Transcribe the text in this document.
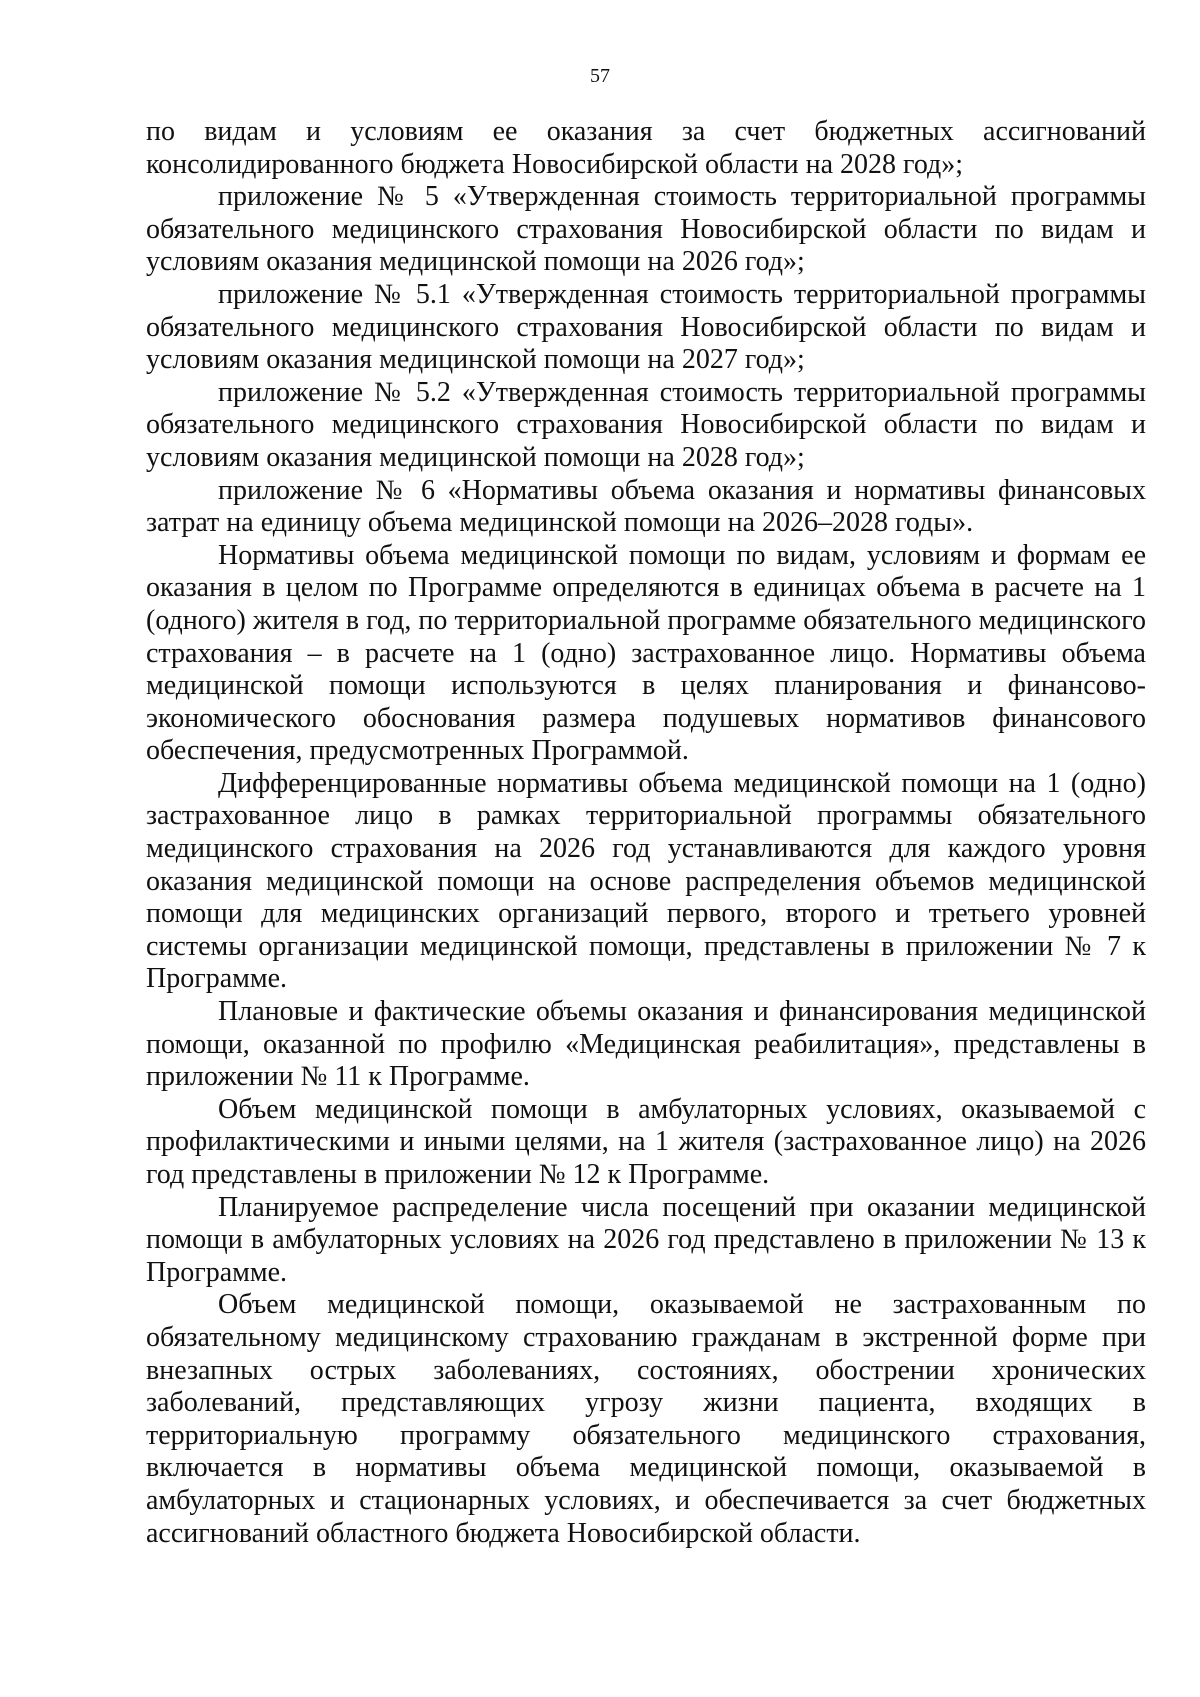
57

по видам и условиям ее оказания за счет бюджетных ассигнований консолидированного бюджета Новосибирской области на 2028 год»;

приложение № 5 «Утвержденная стоимость территориальной программы обязательного медицинского страхования Новосибирской области по видам и условиям оказания медицинской помощи на 2026 год»;

приложение № 5.1 «Утвержденная стоимость территориальной программы обязательного медицинского страхования Новосибирской области по видам и условиям оказания медицинской помощи на 2027 год»;

приложение № 5.2 «Утвержденная стоимость территориальной программы обязательного медицинского страхования Новосибирской области по видам и условиям оказания медицинской помощи на 2028 год»;

приложение № 6 «Нормативы объема оказания и нормативы финансовых затрат на единицу объема медицинской помощи на 2026–2028 годы».

Нормативы объема медицинской помощи по видам, условиям и формам ее оказания в целом по Программе определяются в единицах объема в расчете на 1 (одного) жителя в год, по территориальной программе обязательного медицинского страхования – в расчете на 1 (одно) застрахованное лицо. Нормативы объема медицинской помощи используются в целях планирования и финансово-экономического обоснования размера подушевых нормативов финансового обеспечения, предусмотренных Программой.

Дифференцированные нормативы объема медицинской помощи на 1 (одно) застрахованное лицо в рамках территориальной программы обязательного медицинского страхования на 2026 год устанавливаются для каждого уровня оказания медицинской помощи на основе распределения объемов медицинской помощи для медицинских организаций первого, второго и третьего уровней системы организации медицинской помощи, представлены в приложении № 7 к Программе.

Плановые и фактические объемы оказания и финансирования медицинской помощи, оказанной по профилю «Медицинская реабилитация», представлены в приложении № 11 к Программе.

Объем медицинской помощи в амбулаторных условиях, оказываемой с профилактическими и иными целями, на 1 жителя (застрахованное лицо) на 2026 год представлены в приложении № 12 к Программе.

Планируемое распределение числа посещений при оказании медицинской помощи в амбулаторных условиях на 2026 год представлено в приложении № 13 к Программе.

Объем медицинской помощи, оказываемой не застрахованным по обязательному медицинскому страхованию гражданам в экстренной форме при внезапных острых заболеваниях, состояниях, обострении хронических заболеваний, представляющих угрозу жизни пациента, входящих в территориальную программу обязательного медицинского страхования, включается в нормативы объема медицинской помощи, оказываемой в амбулаторных и стационарных условиях, и обеспечивается за счет бюджетных ассигнований областного бюджета Новосибирской области.
